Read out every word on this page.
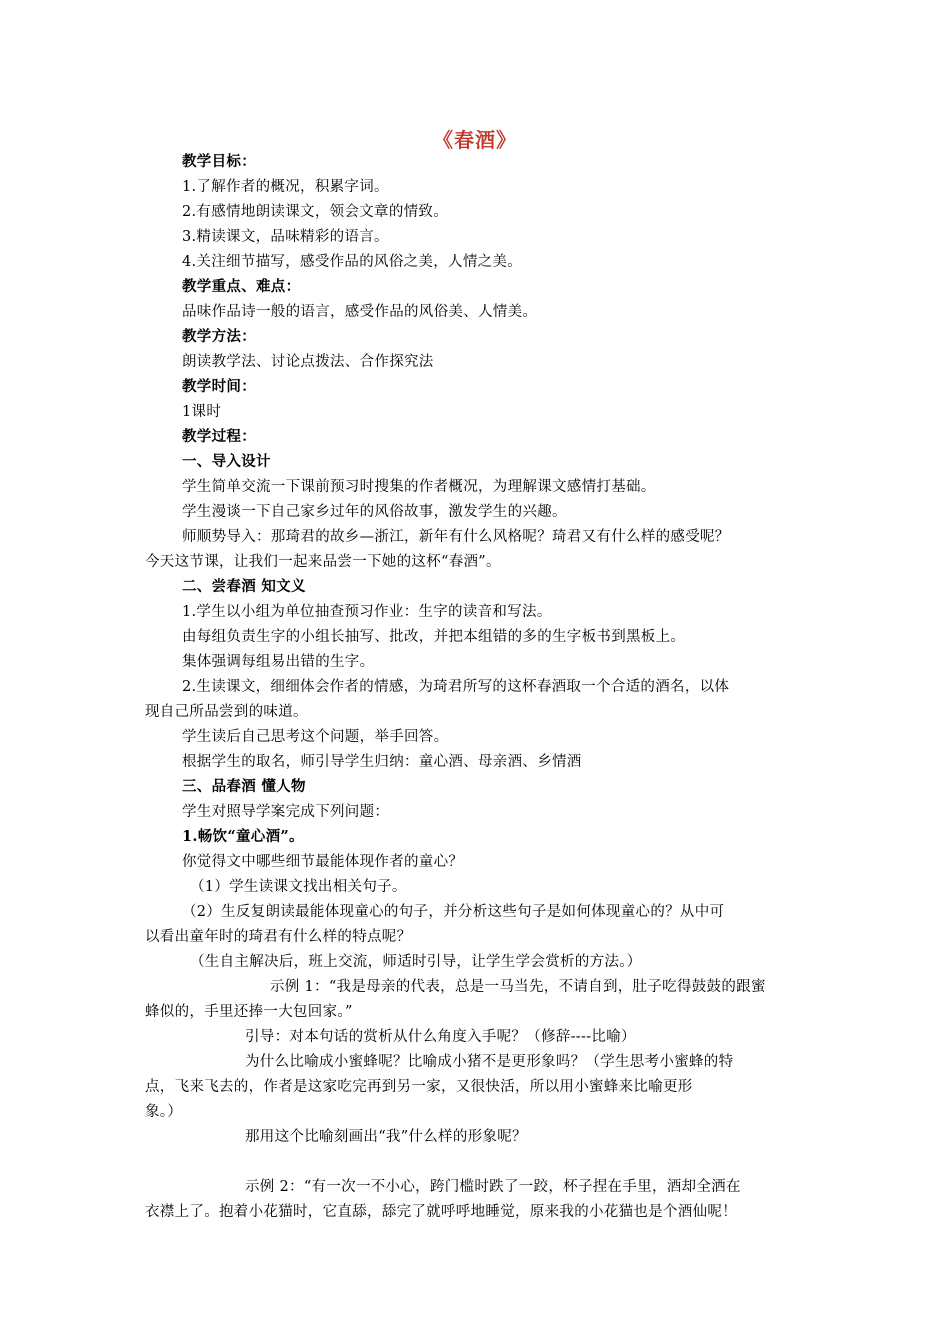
《春酒》
教学目标：
1.了解作者的概况，积累字词。
2.有感情地朗读课文，领会文章的情致。
3.精读课文，品味精彩的语言。
4.关注细节描写，感受作品的风俗之美，人情之美。
教学重点、难点：
品味作品诗一般的语言，感受作品的风俗美、人情美。
教学方法：
朗读教学法、讨论点拨法、合作探究法
教学时间：
1课时
教学过程：
一、导入设计
学生简单交流一下课前预习时搜集的作者概况，为理解课文感情打基础。
学生漫谈一下自己家乡过年的风俗故事，激发学生的兴趣。
师顺势导入：那琦君的故乡—浙江，新年有什么风格呢？琦君又有什么样的感受呢？
今天这节课，让我们一起来品尝一下她的这杯“春酒”。
二、尝春酒 知文义
1.学生以小组为单位抽查预习作业：生字的读音和写法。
由每组负责生字的小组长抽写、批改，并把本组错的多的生字板书到黑板上。
集体强调每组易出错的生字。
2.生读课文，细细体会作者的情感，为琦君所写的这杯春酒取一个合适的酒名，以体
现自己所品尝到的味道。
学生读后自己思考这个问题，举手回答。
根据学生的取名，师引导学生归纳：童心酒、母亲酒、乡情酒
三、品春酒 懂人物
学生对照导学案完成下列问题：
1.畅饮“童心酒”。
你觉得文中哪些细节最能体现作者的童心？
（1）学生读课文找出相关句子。
（2）生反复朗读最能体现童心的句子，并分析这些句子是如何体现童心的？从中可
以看出童年时的琦君有什么样的特点呢？
（生自主解决后，班上交流，师适时引导，让学生学会赏析的方法。）
示例 1：“我是母亲的代表，总是一马当先，不请自到，肚子吃得鼓鼓的跟蜜
蜂似的，手里还捧一大包回家。”
引导：对本句话的赏析从什么角度入手呢？（修辞----比喻）
为什么比喻成小蜜蜂呢？比喻成小猪不是更形象吗？（学生思考小蜜蜂的特
点，飞来飞去的，作者是这家吃完再到另一家，又很快活，所以用小蜜蜂来比喻更形
象。）
那用这个比喻刻画出“我”什么样的形象呢？
示例 2：“有一次一不小心，跨门槛时跌了一跤，杯子捏在手里，酒却全洒在
衣襟上了。抱着小花猫时，它直舔，舔完了就呼呼地睡觉，原来我的小花猫也是个酒仙呢！
